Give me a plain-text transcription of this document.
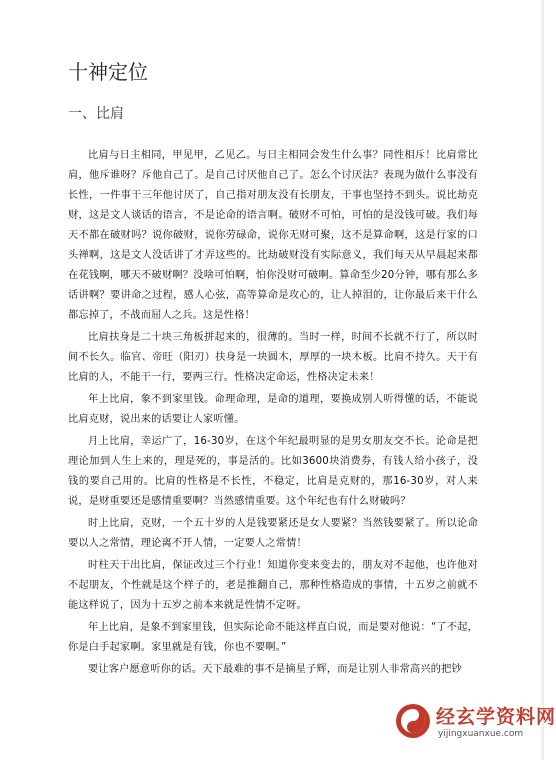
十神定位
一、比肩

比肩与日主相同，甲见甲，乙见乙。与日主相同会发生什么事？同性相斥！比肩常比肩，他斥谁呀？斥他自己了。是自己讨厌他自己了。怎么个讨厌法？表现为做什么事没有长性，一件事干三年他讨厌了，自己指对朋友没有长朋友，干事也坚持不到头。说比劫克财，这是文人谈话的语言，不是论命的语言啊。破财不可怕，可怕的是没钱可破。我们每天不都在破财吗？说你破财，说你劳碌命，说你无财可聚，这不是算命啊，这是行家的口头禅啊，这是文人没话讲了才弄这些的。比劫破财没有实际意义，我们每天从早晨起来都在花钱啊，哪天不破财啊？没啥可怕啊，怕你没财可破啊。算命至少20分钟，哪有那么多话讲啊？要讲命之过程，感人心弦，高等算命是攻心的，让人掉泪的，让你最后来干什么都忘掉了，不战而屈人之兵。这是性格！

比肩扶身是二十块三角板拼起来的，很薄的。当时一样，时间不长就不行了，所以时间不长久。临官、帝旺（阳刃）扶身是一块圆木，厚厚的一块木板。比肩不持久。天干有比肩的人，不能干一行，要两三行。性格决定命运，性格决定未来！

年上比肩，象不到家里钱。命理命理，是命的道理，要换成别人听得懂的话，不能说比肩克财，说出来的话要让人家听懂。

月上比肩，幸运广了，16-30岁，在这个年纪最明显的是男女朋友交不长。论命是把理论加到人生上来的，理是死的，事是活的。比如3600块消费券，有钱人给小孩子，没钱的要自己用的。比肩的性格是不长性，不稳定，比肩是克财的，那16-30岁，对人来说，是财重要还是感情重要啊？当然感情重要。这个年纪也有什么财破吗？

时上比肩，克财，一个五十岁的人是钱要紧还是女人要紧？当然钱要紧了。所以论命要以人之常情，理论离不开人情，一定要人之常情！

时柱天干出比肩，保证改过三个行业！知道你变来变去的，朋友对不起他，也许他对不起朋友，个性就是这个样子的，老是推翻自己，那种性格造成的事情，十五岁之前就不能这样说了，因为十五岁之前本来就是性情不定呀。

年上比肩，是象不到家里钱，但实际论命不能这样直白说，而是要对他说：“了不起，你是白手起家啊。家里就是有钱，你也不要啊。”

要让客户愿意听你的话。天下最难的事不是摘星子辉，而是让别人非常高兴的把钞

经玄学资料网
yijingxuanxue.com
